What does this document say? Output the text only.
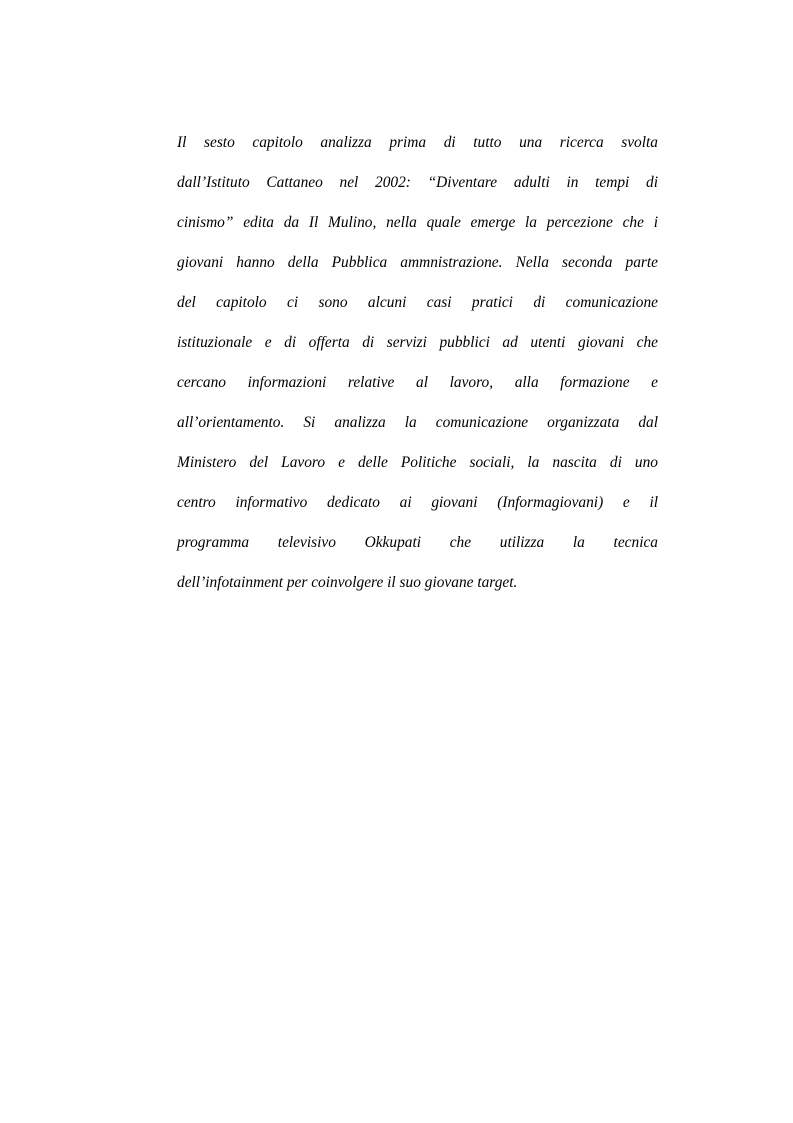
Il sesto capitolo analizza prima di tutto una ricerca svolta
dall’Istituto Cattaneo nel 2002: “Diventare adulti in tempi di
cinismo” edita da Il Mulino, nella quale emerge la percezione che i
giovani hanno della Pubblica ammnistrazione. Nella seconda parte
del capitolo ci sono alcuni casi pratici di comunicazione
istituzionale e di offerta di servizi pubblici ad utenti giovani che
cercano informazioni relative al lavoro, alla formazione e
all’orientamento. Si analizza la comunicazione organizzata dal
Ministero del Lavoro e delle Politiche sociali, la nascita di uno
centro informativo dedicato ai giovani (Informagiovani) e il
programma televisivo Okkupati che utilizza la tecnica
dell’infotainment per coinvolgere il suo giovane target.
